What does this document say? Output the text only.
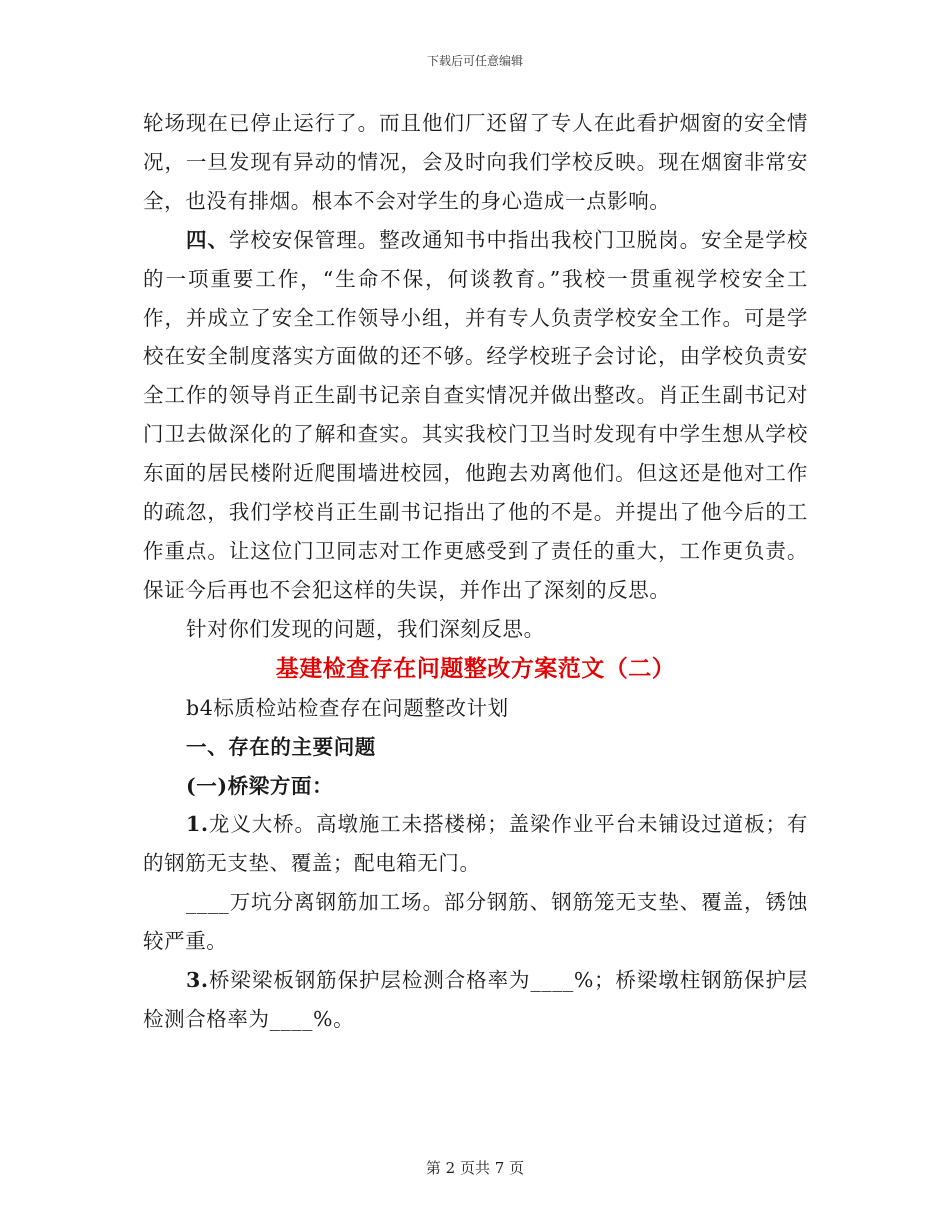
下载后可任意编辑

轮场现在已停止运行了。而且他们厂还留了专人在此看护烟窗的安全情况，一旦发现有异动的情况，会及时向我们学校反映。现在烟窗非常安全，也没有排烟。根本不会对学生的身心造成一点影响。

四、学校安保管理。整改通知书中指出我校门卫脱岗。安全是学校的一项重要工作，“生命不保，何谈教育。”我校一贯重视学校安全工作，并成立了安全工作领导小组，并有专人负责学校安全工作。可是学校在安全制度落实方面做的还不够。经学校班子会讨论，由学校负责安全工作的领导肖正生副书记亲自查实情况并做出整改。肖正生副书记对门卫去做深化的了解和查实。其实我校门卫当时发现有中学生想从学校东面的居民楼附近爬围墙进校园，他跑去劝离他们。但这还是他对工作的疏忽，我们学校肖正生副书记指出了他的不是。并提出了他今后的工作重点。让这位门卫同志对工作更感受到了责任的重大，工作更负责。保证今后再也不会犯这样的失误，并作出了深刻的反思。

针对你们发现的问题，我们深刻反思。

基建检查存在问题整改方案范文（二）

b4标质检站检查存在问题整改计划

一、存在的主要问题

(一)桥梁方面：

1.龙义大桥。高墩施工未搭楼梯；盖梁作业平台未铺设过道板；有的钢筋无支垫、覆盖；配电箱无门。

____万坑分离钢筋加工场。部分钢筋、钢筋笼无支垫、覆盖，锈蚀较严重。

3.桥梁梁板钢筋保护层检测合格率为____%；桥梁墩柱钢筋保护层检测合格率为____%。

第 2 页共 7 页
